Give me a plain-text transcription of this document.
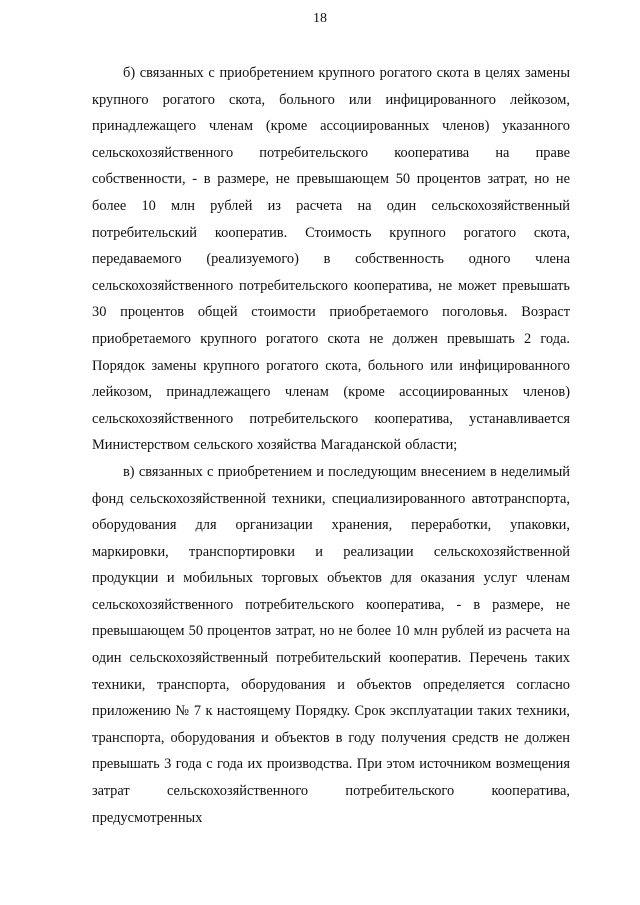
18

б) связанных с приобретением крупного рогатого скота в целях замены крупного рогатого скота, больного или инфицированного лейкозом, принадлежащего членам (кроме ассоциированных членов) указанного сельскохозяйственного потребительского кооператива на праве собственности, - в размере, не превышающем 50 процентов затрат, но не более 10 млн рублей из расчета на один сельскохозяйственный потребительский кооператив. Стоимость крупного рогатого скота, передаваемого (реализуемого) в собственность одного члена сельскохозяйственного потребительского кооператива, не может превышать 30 процентов общей стоимости приобретаемого поголовья. Возраст приобретаемого крупного рогатого скота не должен превышать 2 года. Порядок замены крупного рогатого скота, больного или инфицированного лейкозом, принадлежащего членам (кроме ассоциированных членов) сельскохозяйственного потребительского кооператива, устанавливается Министерством сельского хозяйства Магаданской области;

в) связанных с приобретением и последующим внесением в неделимый фонд сельскохозяйственной техники, специализированного автотранспорта, оборудования для организации хранения, переработки, упаковки, маркировки, транспортировки и реализации сельскохозяйственной продукции и мобильных торговых объектов для оказания услуг членам сельскохозяйственного потребительского кооператива, - в размере, не превышающем 50 процентов затрат, но не более 10 млн рублей из расчета на один сельскохозяйственный потребительский кооператив. Перечень таких техники, транспорта, оборудования и объектов определяется согласно приложению № 7 к настоящему Порядку. Срок эксплуатации таких техники, транспорта, оборудования и объектов в году получения средств не должен превышать 3 года с года их производства. При этом источником возмещения затрат сельскохозяйственного потребительского кооператива, предусмотренных
